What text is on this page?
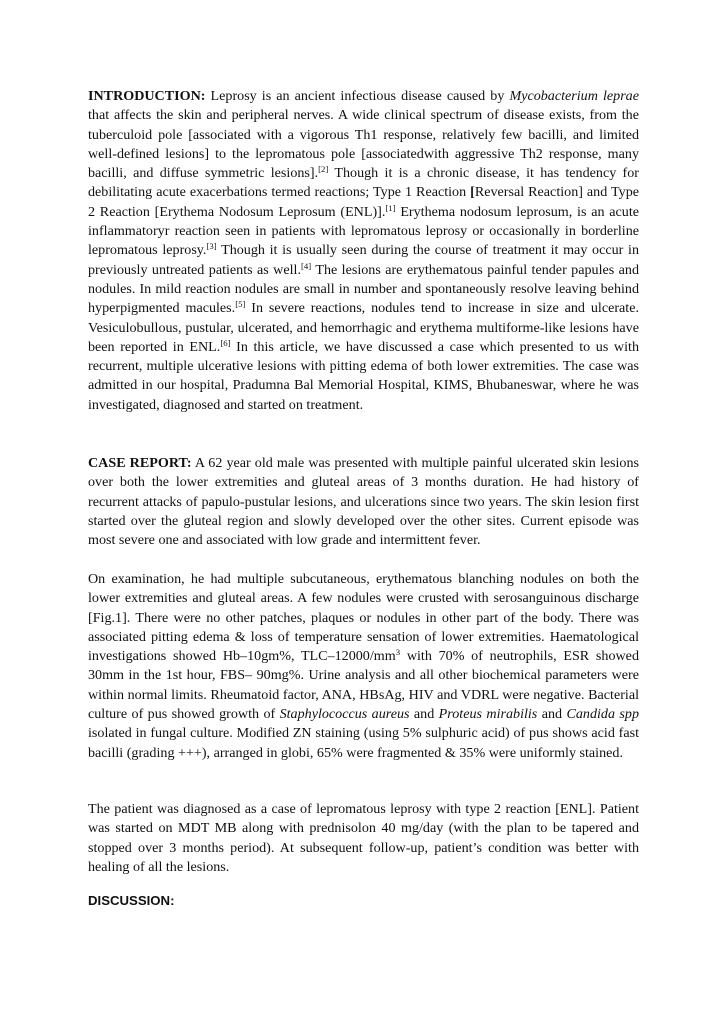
INTRODUCTION: Leprosy is an ancient infectious disease caused by Mycobacterium leprae that affects the skin and peripheral nerves. A wide clinical spectrum of disease exists, from the tuberculoid pole [associated with a vigorous Th1 response, relatively few bacilli, and limited well-defined lesions] to the lepromatous pole [associatedwith aggressive Th2 response, many bacilli, and diffuse symmetric lesions].[2] Though it is a chronic disease, it has tendency for debilitating acute exacerbations termed reactions; Type 1 Reaction [Reversal Reaction] and Type 2 Reaction [Erythema Nodosum Leprosum (ENL)].[1] Erythema nodosum leprosum, is an acute inflammatoryr reaction seen in patients with lepromatous leprosy or occasionally in borderline lepromatous leprosy.[3] Though it is usually seen during the course of treatment it may occur in previously untreated patients as well.[4] The lesions are erythematous painful tender papules and nodules. In mild reaction nodules are small in number and spontaneously resolve leaving behind hyperpigmented macules.[5] In severe reactions, nodules tend to increase in size and ulcerate. Vesiculobullous, pustular, ulcerated, and hemorrhagic and erythema multiforme-like lesions have been reported in ENL.[6] In this article, we have discussed a case which presented to us with recurrent, multiple ulcerative lesions with pitting edema of both lower extremities. The case was admitted in our hospital, Pradumna Bal Memorial Hospital, KIMS, Bhubaneswar, where he was investigated, diagnosed and started on treatment.

CASE REPORT: A 62 year old male was presented with multiple painful ulcerated skin lesions over both the lower extremities and gluteal areas of 3 months duration. He had history of recurrent attacks of papulo-pustular lesions, and ulcerations since two years. The skin lesion first started over the gluteal region and slowly developed over the other sites. Current episode was most severe one and associated with low grade and intermittent fever.

On examination, he had multiple subcutaneous, erythematous blanching nodules on both the lower extremities and gluteal areas. A few nodules were crusted with serosanguinous discharge [Fig.1]. There were no other patches, plaques or nodules in other part of the body. There was associated pitting edema & loss of temperature sensation of lower extremities. Haematological investigations showed Hb–10gm%, TLC–$12000/mm^3$ with 70% of neutrophils, ESR showed 30mm in the 1st hour, FBS– 90mg%. Urine analysis and all other biochemical parameters were within normal limits. Rheumatoid factor, ANA, HBsAg, HIV and VDRL were negative. Bacterial culture of pus showed growth of Staphylococcus aureus and Proteus mirabilis and Candida spp isolated in fungal culture. Modified ZN staining (using 5% sulphuric acid) of pus shows acid fast bacilli (grading +++), arranged in globi, 65% were fragmented & 35% were uniformly stained.

The patient was diagnosed as a case of lepromatous leprosy with type 2 reaction [ENL]. Patient was started on MDT MB along with prednisolon 40 mg/day (with the plan to be tapered and stopped over 3 months period). At subsequent follow-up, patient’s condition was better with healing of all the lesions.

DISCUSSION:
